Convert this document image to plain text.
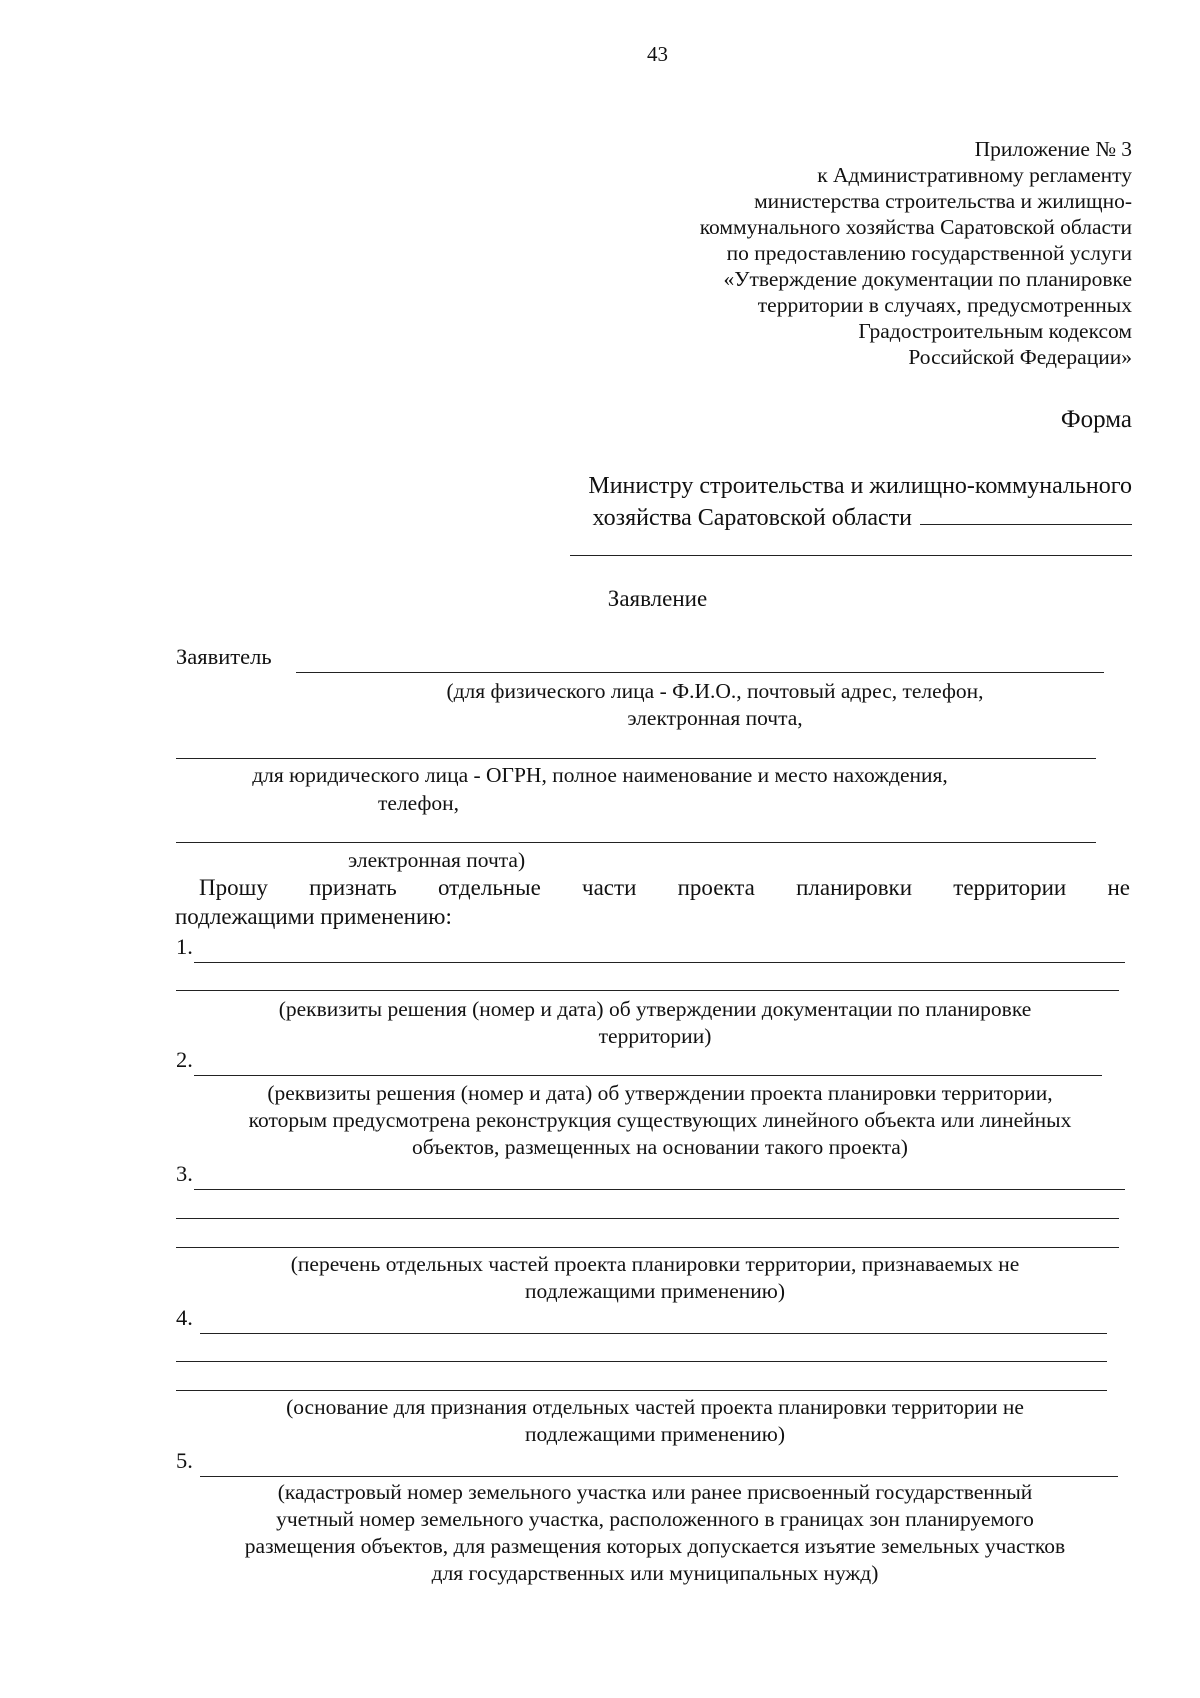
43
Приложение № 3
к Административному регламенту
министерства строительства и жилищно-
коммунального хозяйства Саратовской области
по предоставлению государственной услуги
«Утверждение документации по планировке
территории в случаях, предусмотренных
Градостроительным кодексом
Российской Федерации»
Форма
Министру строительства и жилищно-коммунального
хозяйства Саратовской области
Заявление
Заявитель
(для физического лица - Ф.И.О., почтовый адрес, телефон,
электронная почта,
для юридического лица - ОГРН, полное наименование и место нахождения,
телефон,
электронная почта)
Прошу признать отдельные части проекта планировки территории не
подлежащими применению:
1.
(реквизиты решения (номер и дата) об утверждении документации по планировке
территории)
2.
(реквизиты решения (номер и дата) об утверждении проекта планировки территории,
которым предусмотрена реконструкция существующих линейного объекта или линейных
объектов, размещенных на основании такого проекта)
3.
(перечень отдельных частей проекта планировки территории, признаваемых не
подлежащими применению)
4.
(основание для признания отдельных частей проекта планировки территории не
подлежащими применению)
5.
(кадастровый номер земельного участка или ранее присвоенный государственный
учетный номер земельного участка, расположенного в границах зон планируемого
размещения объектов, для размещения которых допускается изъятие земельных участков
для государственных или муниципальных нужд)
